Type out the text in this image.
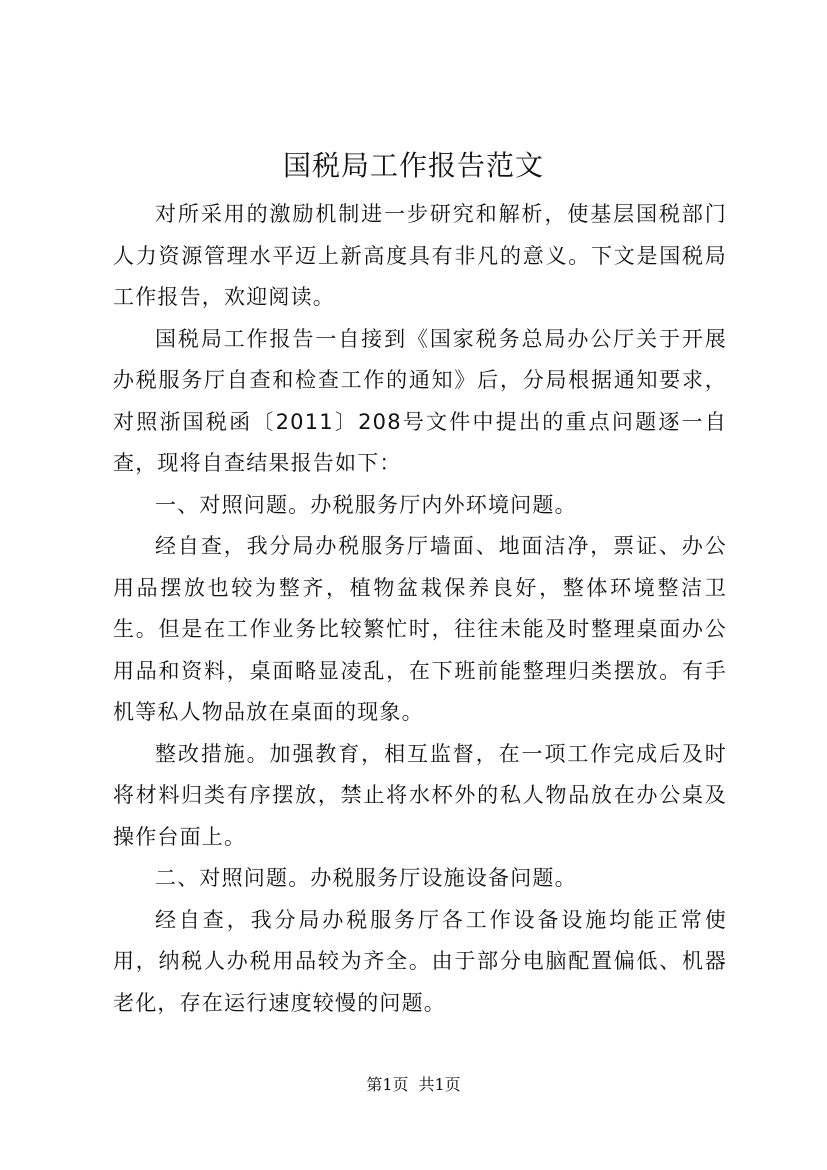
国税局工作报告范文

对所采用的激励机制进一步研究和解析，使基层国税部门人力资源管理水平迈上新高度具有非凡的意义。下文是国税局工作报告，欢迎阅读。

国税局工作报告一自接到《国家税务总局办公厅关于开展办税服务厅自查和检查工作的通知》后，分局根据通知要求，对照浙国税函〔2011〕208号文件中提出的重点问题逐一自查，现将自查结果报告如下：

一、对照问题。办税服务厅内外环境问题。

经自查，我分局办税服务厅墙面、地面洁净，票证、办公用品摆放也较为整齐，植物盆栽保养良好，整体环境整洁卫生。但是在工作业务比较繁忙时，往往未能及时整理桌面办公用品和资料，桌面略显凌乱，在下班前能整理归类摆放。有手机等私人物品放在桌面的现象。

整改措施。加强教育，相互监督，在一项工作完成后及时将材料归类有序摆放，禁止将水杯外的私人物品放在办公桌及操作台面上。

二、对照问题。办税服务厅设施设备问题。

经自查，我分局办税服务厅各工作设备设施均能正常使用，纳税人办税用品较为齐全。由于部分电脑配置偏低、机器老化，存在运行速度较慢的问题。

第1页 共1页
